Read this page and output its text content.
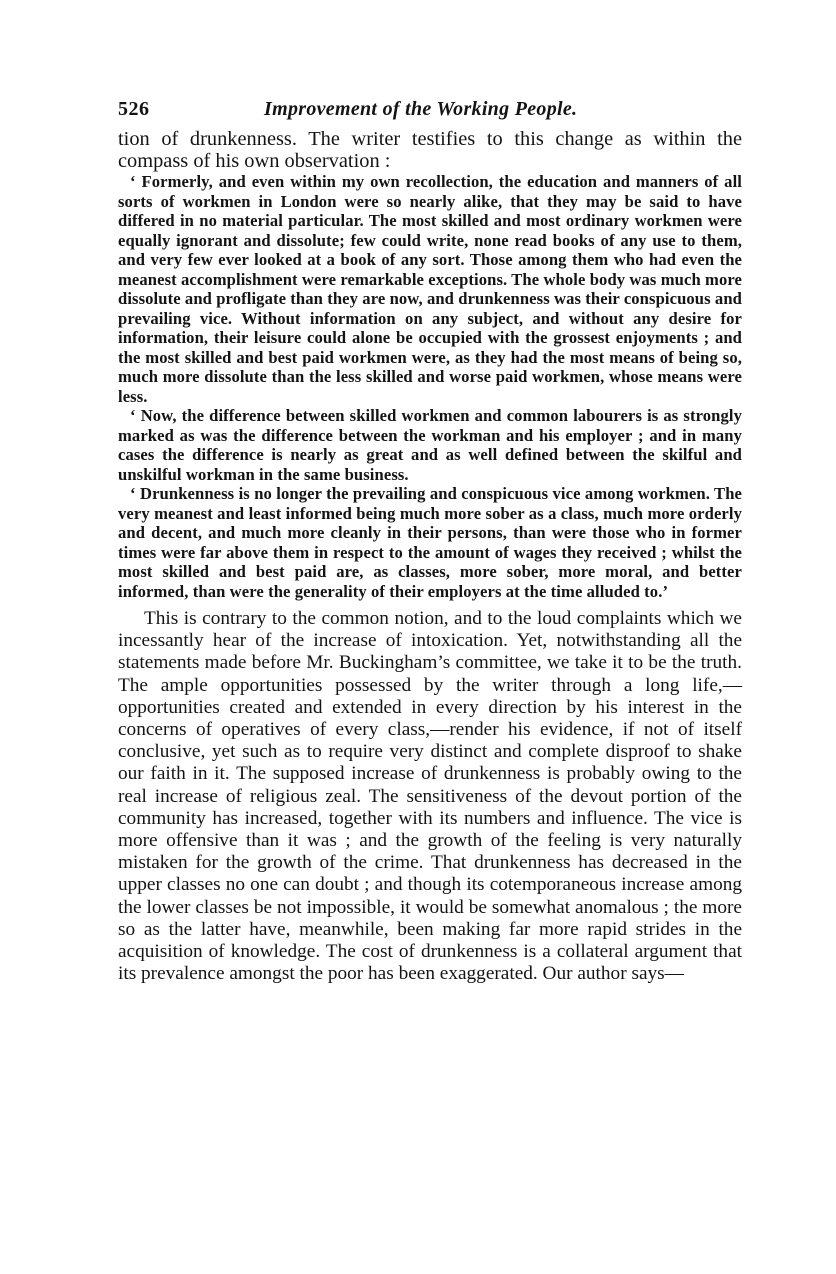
526	Improvement of the Working People.

tion of drunkenness. The writer testifies to this change as within the compass of his own observation :

‘ Formerly, and even within my own recollection, the education and manners of all sorts of workmen in London were so nearly alike, that they may be said to have differed in no material particular. The most skilled and most ordinary workmen were equally ignorant and dissolute; few could write, none read books of any use to them, and very few ever looked at a book of any sort. Those among them who had even the meanest accomplishment were remarkable exceptions. The whole body was much more dissolute and profligate than they are now, and drunkenness was their conspicuous and prevailing vice. Without information on any subject, and without any desire for information, their leisure could alone be occupied with the grossest enjoyments ; and the most skilled and best paid workmen were, as they had the most means of being so, much more dissolute than the less skilled and worse paid workmen, whose means were less.

‘ Now, the difference between skilled workmen and common labourers is as strongly marked as was the difference between the workman and his employer ; and in many cases the difference is nearly as great and as well defined between the skilful and unskilful workman in the same business.

‘ Drunkenness is no longer the prevailing and conspicuous vice among workmen. The very meanest and least informed being much more sober as a class, much more orderly and decent, and much more cleanly in their persons, than were those who in former times were far above them in respect to the amount of wages they received ; whilst the most skilled and best paid are, as classes, more sober, more moral, and better informed, than were the generality of their employers at the time alluded to.’

This is contrary to the common notion, and to the loud complaints which we incessantly hear of the increase of intoxication. Yet, notwithstanding all the statements made before Mr. Buckingham’s committee, we take it to be the truth. The ample opportunities possessed by the writer through a long life,—opportunities created and extended in every direction by his interest in the concerns of operatives of every class,—render his evidence, if not of itself conclusive, yet such as to require very distinct and complete disproof to shake our faith in it. The supposed increase of drunkenness is probably owing to the real increase of religious zeal. The sensitiveness of the devout portion of the community has increased, together with its numbers and influence. The vice is more offensive than it was ; and the growth of the feeling is very naturally mistaken for the growth of the crime. That drunkenness has decreased in the upper classes no one can doubt ; and though its cotemporaneous increase among the lower classes be not impossible, it would be somewhat anomalous ; the more so as the latter have, meanwhile, been making far more rapid strides in the acquisition of knowledge. The cost of drunkenness is a collateral argument that its prevalence amongst the poor has been exaggerated. Our author says—
